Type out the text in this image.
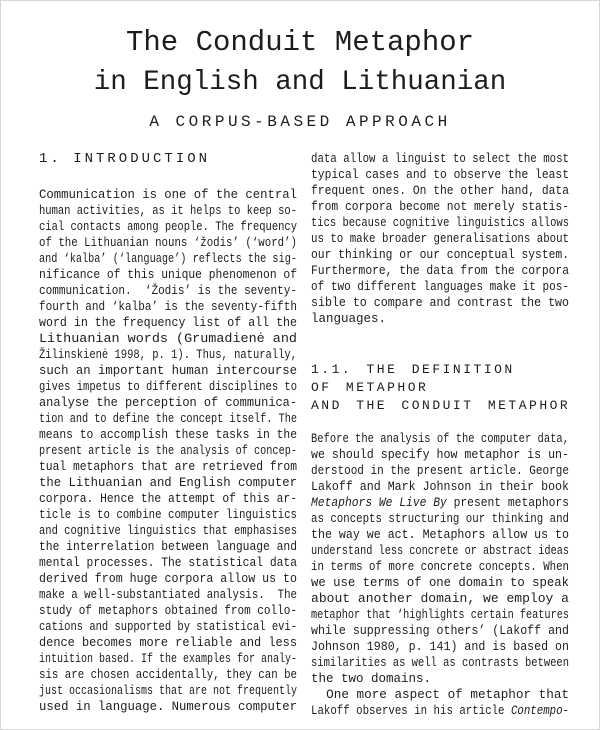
The Conduit Metaphor
in English and Lithuanian
A CORPUS-BASED APPROACH
1. INTRODUCTION
Communication is one of the central
human activities, as it helps to keep so-
cial contacts among people. The frequency
of the Lithuanian nouns ‘žodis’ (‘word’)
and ‘kalba’ (‘language’) reflects the sig-
nificance of this unique phenomenon of
communication.  ‘Žodis’ is the seventy-
fourth and ‘kalba’ is the seventy-fifth
word in the frequency list of all the
Lithuanian words (Grumadienė and
Žilinskienė 1998, p. 1). Thus, naturally,
such an important human intercourse
gives impetus to different disciplines to
analyse the perception of communica-
tion and to define the concept itself. The
means to accomplish these tasks in the
present article is the analysis of concep-
tual metaphors that are retrieved from
the Lithuanian and English computer
corpora. Hence the attempt of this ar-
ticle is to combine computer linguistics
and cognitive linguistics that emphasises
the interrelation between language and
mental processes. The statistical data
derived from huge corpora allow us to
make a well-substantiated analysis.  The
study of metaphors obtained from collo-
cations and supported by statistical evi-
dence becomes more reliable and less
intuition based. If the examples for analy-
sis are chosen accidentally, they can be
just occasionalisms that are not frequently
used in language. Numerous computer
data allow a linguist to select the most
typical cases and to observe the least
frequent ones. On the other hand, data
from corpora become not merely statis-
tics because cognitive linguistics allows
us to make broader generalisations about
our thinking or our conceptual system.
Furthermore, the data from the corpora
of two different languages make it pos-
sible to compare and contrast the two
languages.
1.1. THE DEFINITION
OF METAPHOR
AND THE CONDUIT METAPHOR
Before the analysis of the computer data,
we should specify how metaphor is un-
derstood in the present article. George
Lakoff and Mark Johnson in their book
Metaphors We Live By present metaphors
as concepts structuring our thinking and
the way we act. Metaphors allow us to
understand less concrete or abstract ideas
in terms of more concrete concepts. When
we use terms of one domain to speak
about another domain, we employ a
metaphor that ‘highlights certain features
while suppressing others’ (Lakoff and
Johnson 1980, p. 141) and is based on
similarities as well as contrasts between
the two domains.
One more aspect of metaphor that
Lakoff observes in his article Contempo-
